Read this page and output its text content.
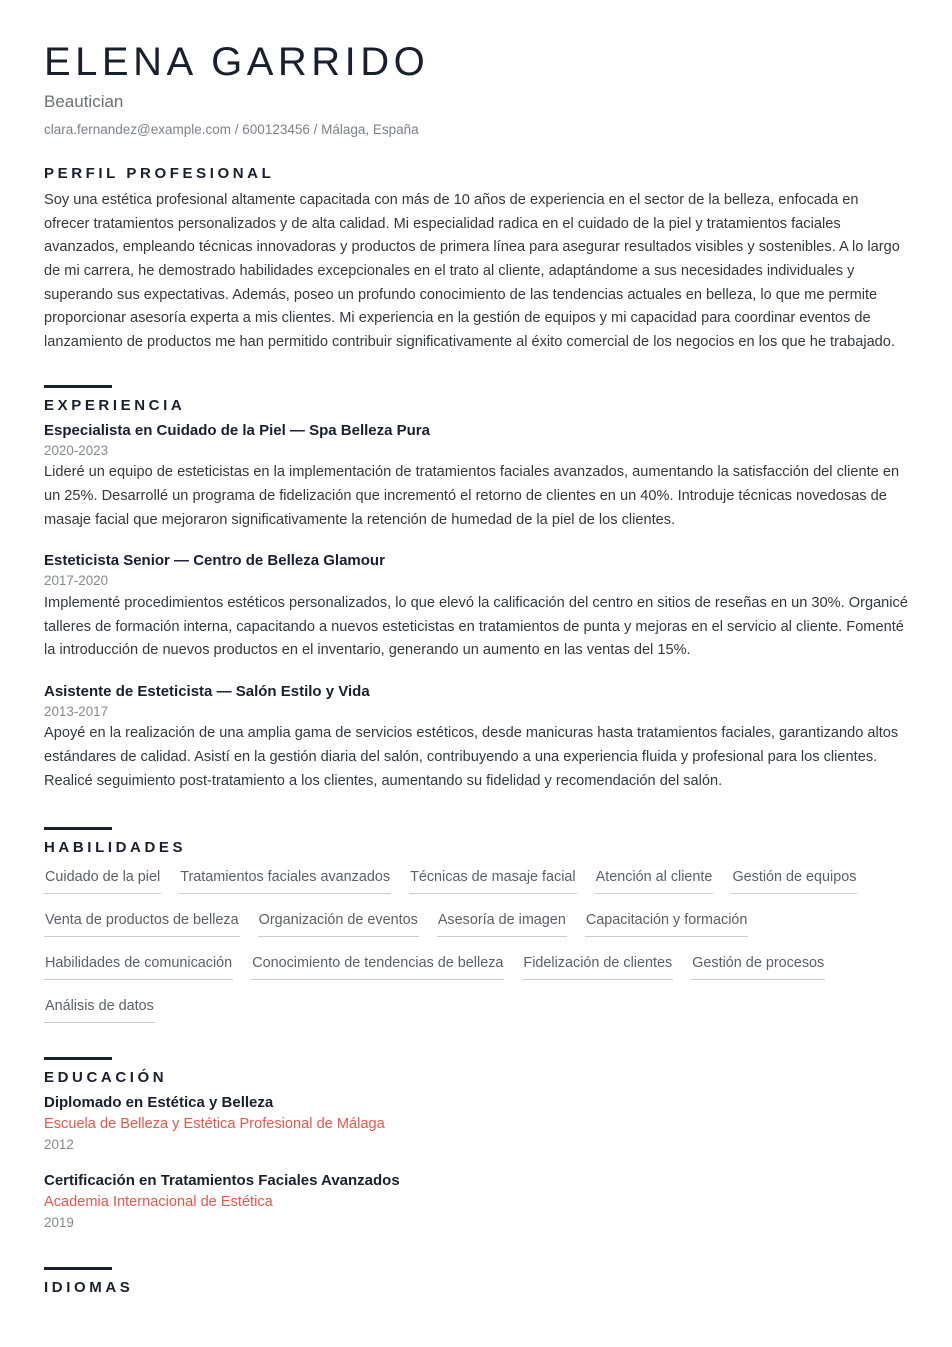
ELENA GARRIDO
Beautician
clara.fernandez@example.com / 600123456 / Málaga, España
PERFIL PROFESIONAL

Soy una estética profesional altamente capacitada con más de 10 años de experiencia en el sector de la belleza, enfocada en ofrecer tratamientos personalizados y de alta calidad. Mi especialidad radica en el cuidado de la piel y tratamientos faciales avanzados, empleando técnicas innovadoras y productos de primera línea para asegurar resultados visibles y sostenibles. A lo largo de mi carrera, he demostrado habilidades excepcionales en el trato al cliente, adaptándome a sus necesidades individuales y superando sus expectativas. Además, poseo un profundo conocimiento de las tendencias actuales en belleza, lo que me permite proporcionar asesoría experta a mis clientes. Mi experiencia en la gestión de equipos y mi capacidad para coordinar eventos de lanzamiento de productos me han permitido contribuir significativamente al éxito comercial de los negocios en los que he trabajado.

EXPERIENCIA
Especialista en Cuidado de la Piel — Spa Belleza Pura
2020-2023

Lideré un equipo de esteticistas en la implementación de tratamientos faciales avanzados, aumentando la satisfacción del cliente en un 25%. Desarrollé un programa de fidelización que incrementó el retorno de clientes en un 40%. Introduje técnicas novedosas de masaje facial que mejoraron significativamente la retención de humedad de la piel de los clientes.

Esteticista Senior — Centro de Belleza Glamour
2017-2020

Implementé procedimientos estéticos personalizados, lo que elevó la calificación del centro en sitios de reseñas en un 30%. Organicé talleres de formación interna, capacitando a nuevos esteticistas en tratamientos de punta y mejoras en el servicio al cliente. Fomenté la introducción de nuevos productos en el inventario, generando un aumento en las ventas del 15%.

Asistente de Esteticista — Salón Estilo y Vida
2013-2017

Apoyé en la realización de una amplia gama de servicios estéticos, desde manicuras hasta tratamientos faciales, garantizando altos estándares de calidad. Asistí en la gestión diaria del salón, contribuyendo a una experiencia fluida y profesional para los clientes. Realicé seguimiento post-tratamiento a los clientes, aumentando su fidelidad y recomendación del salón.

HABILIDADES
Cuidado de la piel Tratamientos faciales avanzados Técnicas de masaje facial Atención al cliente Gestión de equipos
Venta de productos de belleza Organización de eventos Asesoría de imagen Capacitación y formación
Habilidades de comunicación Conocimiento de tendencias de belleza Fidelización de clientes Gestión de procesos
Análisis de datos
EDUCACIÓN
Diplomado en Estética y Belleza
Escuela de Belleza y Estética Profesional de Málaga
2012
Certificación en Tratamientos Faciales Avanzados
Academia Internacional de Estética
2019
IDIOMAS
